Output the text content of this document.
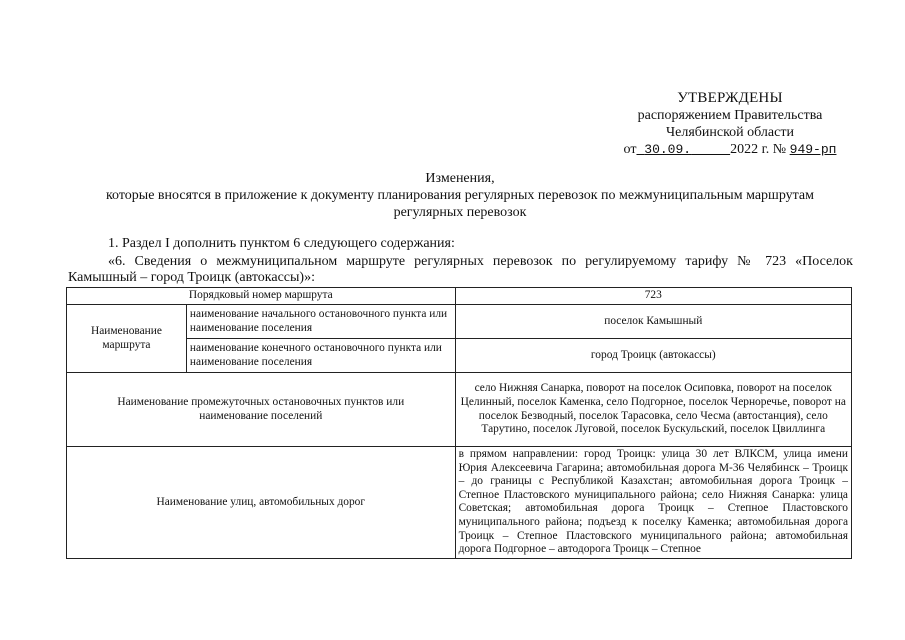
УТВЕРЖДЕНЫ
распоряжением Правительства
Челябинской области
от 30.09.	2022 г. № 949-рп
Изменения,
которые вносятся в приложение к документу планирования регулярных перевозок по межмуниципальным маршрутам
регулярных перевозок
1. Раздел I дополнить пунктом 6 следующего содержания:
«6. Сведения о межмуниципальном маршруте регулярных перевозок по регулируемому тарифу № 723 «Поселок Камышный – город Троицк (автокассы)»:
Порядковый номер маршрута		723
Наименование маршрута	наименование начального остановочного пункта или наименование поселения	поселок Камышный
	наименование конечного остановочного пункта или наименование поселения	город Троицк (автокассы)
Наименование промежуточных остановочных пунктов или наименование поселений		село Нижняя Санарка, поворот на поселок Осиповка, поворот на поселок Целинный, поселок Каменка, село Подгорное, поселок Черноречье, поворот на поселок Безводный, поселок Тарасовка, село Чесма (автостанция), село Тарутино, поселок Луговой, поселок Бускульский, поселок Цвиллинга
Наименование улиц, автомобильных дорог		в прямом направлении: город Троицк: улица 30 лет ВЛКСМ, улица имени Юрия Алексеевича Гагарина; автомобильная дорога М-36 Челябинск – Троицк – до границы с Республикой Казахстан; автомобильная дорога Троицк – Степное Пластовского муниципального района; село Нижняя Санарка: улица Советская; автомобильная дорога Троицк – Степное Пластовского муниципального района; подъезд к поселку Каменка; автомобильная дорога Троицк – Степное Пластовского муниципального района; автомобильная дорога Подгорное – автодорога Троицк – Степное
